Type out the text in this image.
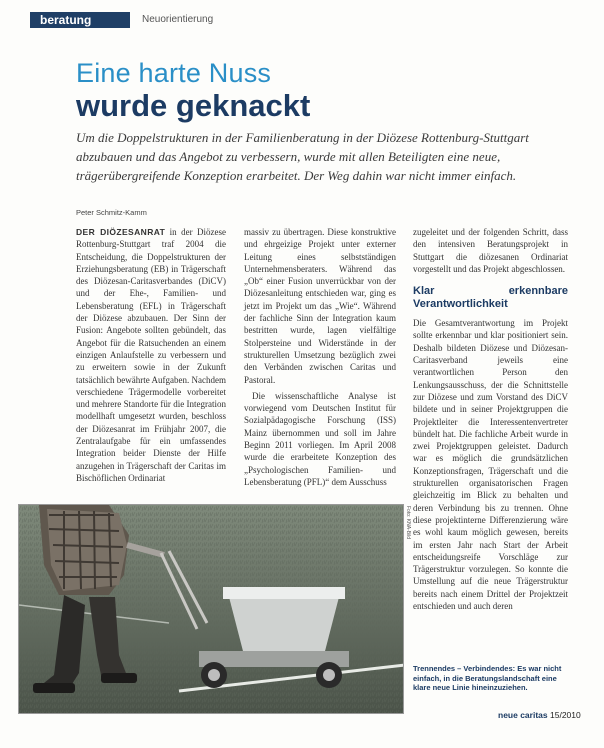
beratung	Neuorientierung
Eine harte Nuss
wurde geknackt

Um die Doppelstrukturen in der Familienberatung in der Diözese Rottenburg-Stuttgart abzubauen und das Angebot zu verbessern, wurde mit allen Beteiligten eine neue, trägerübergreifende Konzeption erarbeitet. Der Weg dahin war nicht immer einfach.

Peter Schmitz-Kamm

DER DIÖZESANRAT in der Diözese Rottenburg-Stuttgart traf 2004 die Entscheidung, die Doppelstrukturen der Erziehungsberatung (EB) in Trägerschaft des Diözesan-Caritasverbandes (DiCV) und der Ehe-, Familien- und Lebensberatung (EFL) in Trägerschaft der Diözese abzubauen. Der Sinn der Fusion: Angebote sollten gebündelt, das Angebot für die Ratsuchenden an einem einzigen Anlaufstelle zu verbessern und zu erweitern sowie in der Zukunft tatsächlich bewährte Aufgaben. Nachdem verschiedene Trägermodelle vorbereitet und mehrere Standorte für die Integration modellhaft umgesetzt wurden, beschloss der Diözesanrat im Frühjahr 2007, die Zentralaufgabe für ein umfassendes Integration beider Dienste der Hilfe anzugehen in Trägerschaft der Caritas im Bischöflichen Ordinariat

massiv zu übertragen. Diese konstruktive und ehrgeizige Projekt unter externer Leitung eines selbstständigen Unternehmensberaters. Während das „Ob“ einer Fusion unverrückbar von der Diözesanleitung entschieden war, ging es jetzt im Projekt um das „Wie“. Während der fachliche Sinn der Integration kaum bestritten wurde, lagen vielfältige Stolpersteine und Widerstände in der strukturellen Umsetzung bezüglich zwei den Verbänden zwischen Caritas und Pastoral.

Die wissenschaftliche Analyse ist vorwiegend vom Deutschen Institut für Sozialpädagogische Forschung (ISS) Mainz übernommen und soll im Jahre Beginn 2011 vorliegen. Im April 2008 wurde die erarbeitete Konzeption des „Psychologischen Familien- und Lebensberatung (PFL)“ dem Ausschuss

zugeleitet und der folgenden Schritt, dass den intensiven Beratungsprojekt in Stuttgart die diözesanen Ordinariat vorgestellt und das Projekt abgeschlossen.

Klar erkennbare Verantwortlichkeit

Die Gesamtverantwortung im Projekt sollte erkennbar und klar positioniert sein. Deshalb bildeten Diözese und Diözesan-Caritasverband jeweils eine verantwortlichen Person den Lenkungsausschuss, der die Schnittstelle zur Diözese und zum Vorstand des DiCV bildete und in seiner Projektgruppen die Projektleiter die Interessentenvertreter bündelt hat. Die fachliche Arbeit wurde in zwei Projektgruppen geleistet. Dadurch war es möglich die grundsätzlichen Konzeptionsfragen, Trägerschaft und die strukturellen organisatorischen Fragen gleichzeitig im Blick zu behalten und deren Verbindung bis zu trennen. Ohne diese projektinterne Differenzierung wäre es wohl kaum möglich gewesen, bereits im ersten Jahr nach Start der Arbeit entscheidungsreife Vorschläge zur Trägerstruktur vorzulegen. So konnte die Umstellung auf die neue Trägerstruktur bereits nach einem Drittel der Projektzeit entschieden und auch deren

Foto: KNA-Bild
Trennendes – Verbindendes: Es war nicht einfach, in die Beratungslandschaft eine klare neue Linie hineinzuziehen.
neue caritas 15/2010
